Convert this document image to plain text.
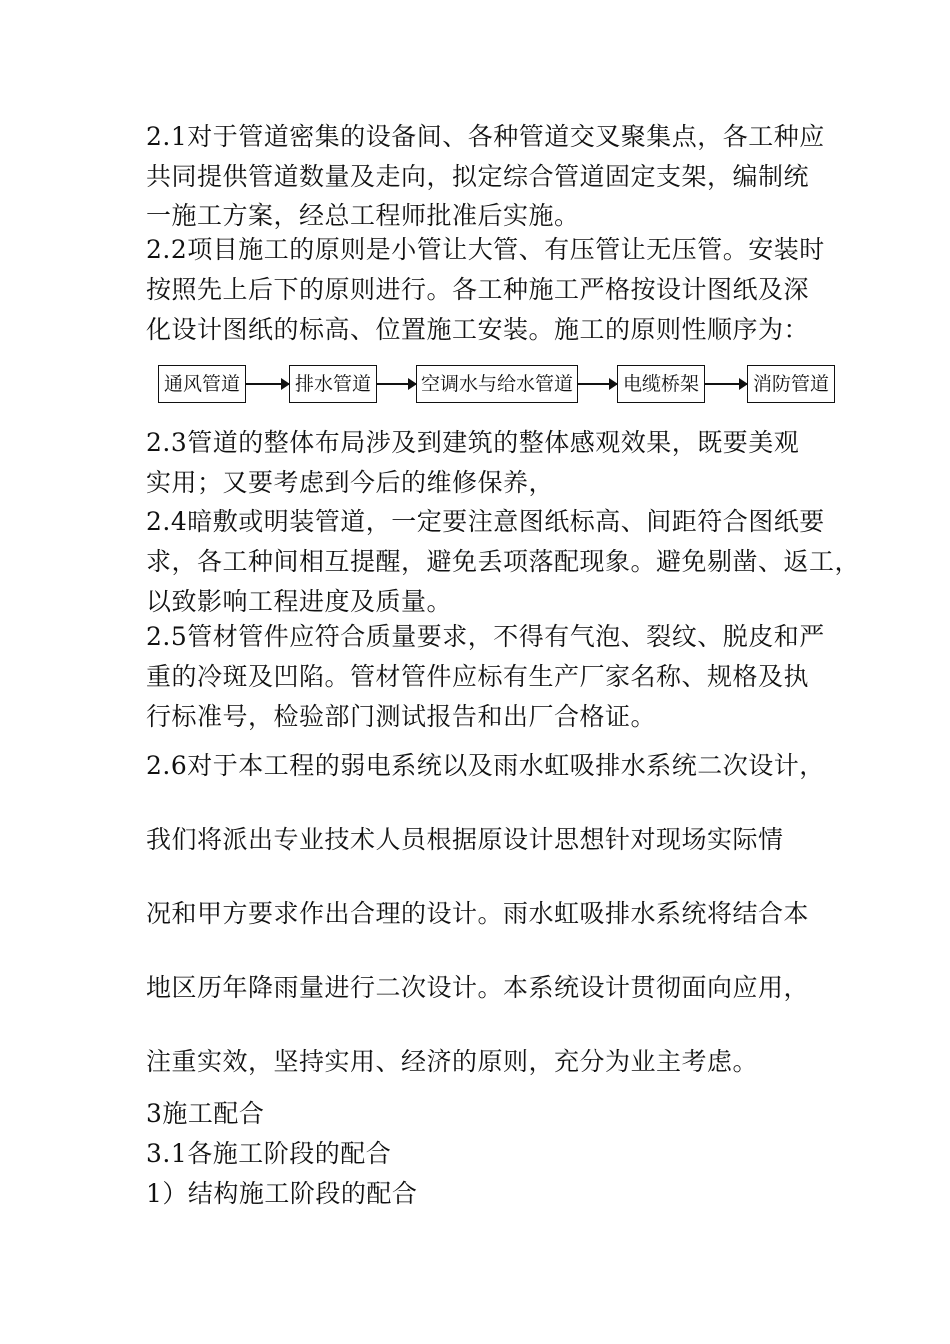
2.1对于管道密集的设备间、各种管道交叉聚集点，各工种应
共同提供管道数量及走向，拟定综合管道固定支架，编制统
一施工方案，经总工程师批准后实施。
2.2项目施工的原则是小管让大管、有压管让无压管。安装时
按照先上后下的原则进行。各工种施工严格按设计图纸及深
化设计图纸的标高、位置施工安装。施工的原则性顺序为：
通风管道	排水管道	空调水与给水管道	电缆桥架	消防管道
2.3管道的整体布局涉及到建筑的整体感观效果，既要美观
实用；又要考虑到今后的维修保养，
2.4暗敷或明装管道，一定要注意图纸标高、间距符合图纸要
求，各工种间相互提醒，避免丢项落配现象。避免剔凿、返工，
以致影响工程进度及质量。
2.5管材管件应符合质量要求，不得有气泡、裂纹、脱皮和严
重的冷斑及凹陷。管材管件应标有生产厂家名称、规格及执
行标准号，检验部门测试报告和出厂合格证。
2.6对于本工程的弱电系统以及雨水虹吸排水系统二次设计，
我们将派出专业技术人员根据原设计思想针对现场实际情
况和甲方要求作出合理的设计。雨水虹吸排水系统将结合本
地区历年降雨量进行二次设计。本系统设计贯彻面向应用，
注重实效，坚持实用、经济的原则，充分为业主考虑。
3施工配合
3.1各施工阶段的配合
1）结构施工阶段的配合
